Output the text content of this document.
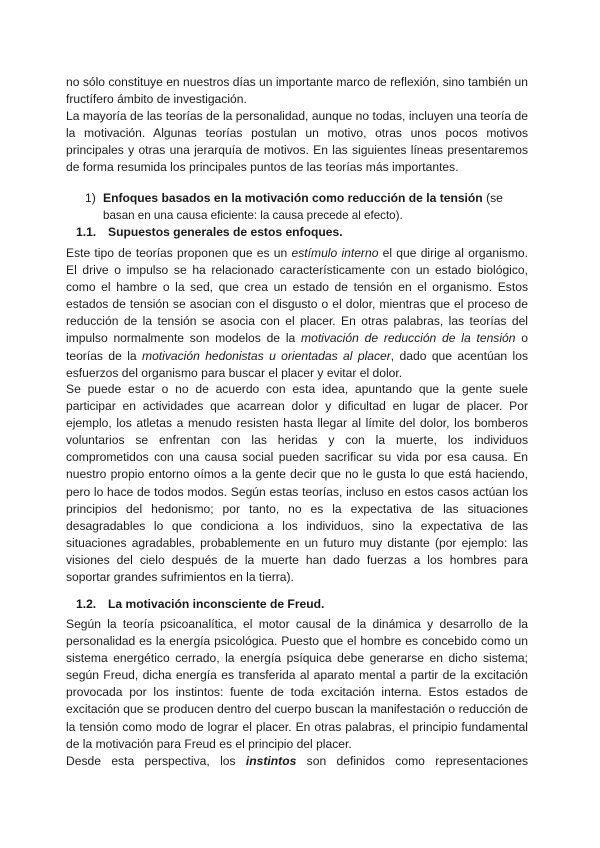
no sólo constituye en nuestros días un importante marco de reflexión, sino también un fructífero ámbito de investigación.

La mayoría de las teorías de la personalidad, aunque no todas, incluyen una teoría de la motivación. Algunas teorías postulan un motivo, otras unos pocos motivos principales y otras una jerarquía de motivos. En las siguientes líneas presentaremos de forma resumida los principales puntos de las teorías más importantes.

1) Enfoques basados en la motivación como reducción de la tensión (se
basan en una causa eficiente: la causa precede al efecto).
1.1. Supuestos generales de estos enfoques.

Este tipo de teorías proponen que es un estímulo interno el que dirige al organismo. El drive o impulso se ha relacionado característicamente con un estado biológico, como el hambre o la sed, que crea un estado de tensión en el organismo. Estos estados de tensión se asocian con el disgusto o el dolor, mientras que el proceso de reducción de la tensión se asocia con el placer. En otras palabras, las teorías del impulso normalmente son modelos de la motivación de reducción de la tensión o teorías de la motivación hedonistas u orientadas al placer, dado que acentúan los esfuerzos del organismo para buscar el placer y evitar el dolor.

Se puede estar o no de acuerdo con esta idea, apuntando que la gente suele participar en actividades que acarrean dolor y dificultad en lugar de placer. Por ejemplo, los atletas a menudo resisten hasta llegar al límite del dolor, los bomberos voluntarios se enfrentan con las heridas y con la muerte, los individuos comprometidos con una causa social pueden sacrificar su vida por esa causa. En nuestro propio entorno oímos a la gente decir que no le gusta lo que está haciendo, pero lo hace de todos modos. Según estas teorías, incluso en estos casos actúan los principios del hedonismo; por tanto, no es la expectativa de las situaciones desagradables lo que condiciona a los individuos, sino la expectativa de las situaciones agradables, probablemente en un futuro muy distante (por ejemplo: las visiones del cielo después de la muerte han dado fuerzas a los hombres para soportar grandes sufrimientos en la tierra).

1.2. La motivación inconsciente de Freud.

Según la teoría psicoanalítica, el motor causal de la dinámica y desarrollo de la personalidad es la energía psicológica. Puesto que el hombre es concebido como un sistema energético cerrado, la energía psíquica debe generarse en dicho sistema; según Freud, dicha energía es transferida al aparato mental a partir de la excitación provocada por los instintos: fuente de toda excitación interna. Estos estados de excitación que se producen dentro del cuerpo buscan la manifestación o reducción de la tensión como modo de lograr el placer. En otras palabras, el principio fundamental de la motivación para Freud es el principio del placer.

Desde esta perspectiva, los instintos son definidos como representaciones
